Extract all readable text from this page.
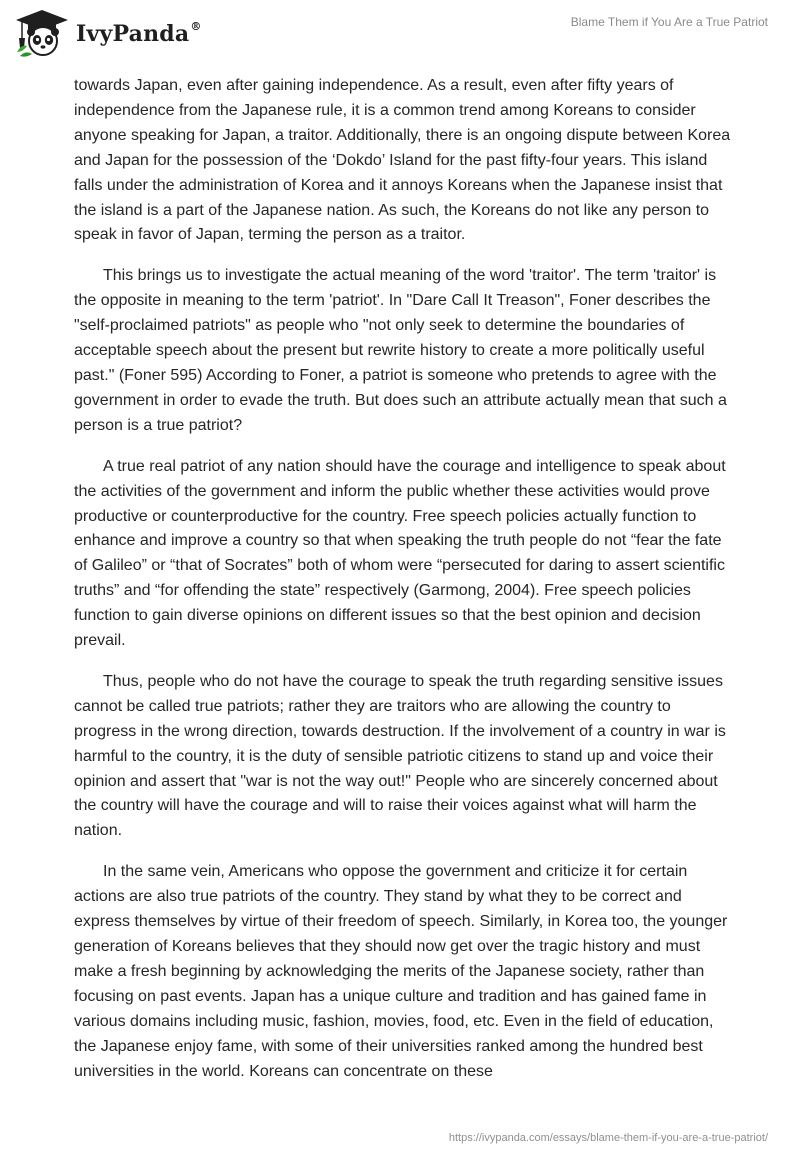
IvyPanda®	Blame Them if You Are a True Patriot

towards Japan, even after gaining independence. As a result, even after fifty years of independence from the Japanese rule, it is a common trend among Koreans to consider anyone speaking for Japan, a traitor. Additionally, there is an ongoing dispute between Korea and Japan for the possession of the ‘Dokdo’ Island for the past fifty-four years. This island falls under the administration of Korea and it annoys Koreans when the Japanese insist that the island is a part of the Japanese nation. As such, the Koreans do not like any person to speak in favor of Japan, terming the person as a traitor.

This brings us to investigate the actual meaning of the word 'traitor'. The term 'traitor' is the opposite in meaning to the term 'patriot'. In "Dare Call It Treason", Foner describes the "self-proclaimed patriots" as people who "not only seek to determine the boundaries of acceptable speech about the present but rewrite history to create a more politically useful past." (Foner 595) According to Foner, a patriot is someone who pretends to agree with the government in order to evade the truth. But does such an attribute actually mean that such a person is a true patriot?

A true real patriot of any nation should have the courage and intelligence to speak about the activities of the government and inform the public whether these activities would prove productive or counterproductive for the country. Free speech policies actually function to enhance and improve a country so that when speaking the truth people do not “fear the fate of Galileo” or “that of Socrates” both of whom were “persecuted for daring to assert scientific truths” and “for offending the state” respectively (Garmong, 2004). Free speech policies function to gain diverse opinions on different issues so that the best opinion and decision prevail.

Thus, people who do not have the courage to speak the truth regarding sensitive issues cannot be called true patriots; rather they are traitors who are allowing the country to progress in the wrong direction, towards destruction. If the involvement of a country in war is harmful to the country, it is the duty of sensible patriotic citizens to stand up and voice their opinion and assert that "war is not the way out!" People who are sincerely concerned about the country will have the courage and will to raise their voices against what will harm the nation.

In the same vein, Americans who oppose the government and criticize it for certain actions are also true patriots of the country. They stand by what they to be correct and express themselves by virtue of their freedom of speech. Similarly, in Korea too, the younger generation of Koreans believes that they should now get over the tragic history and must make a fresh beginning by acknowledging the merits of the Japanese society, rather than focusing on past events. Japan has a unique culture and tradition and has gained fame in various domains including music, fashion, movies, food, etc. Even in the field of education, the Japanese enjoy fame, with some of their universities ranked among the hundred best universities in the world. Koreans can concentrate on these

https://ivypanda.com/essays/blame-them-if-you-are-a-true-patriot/
